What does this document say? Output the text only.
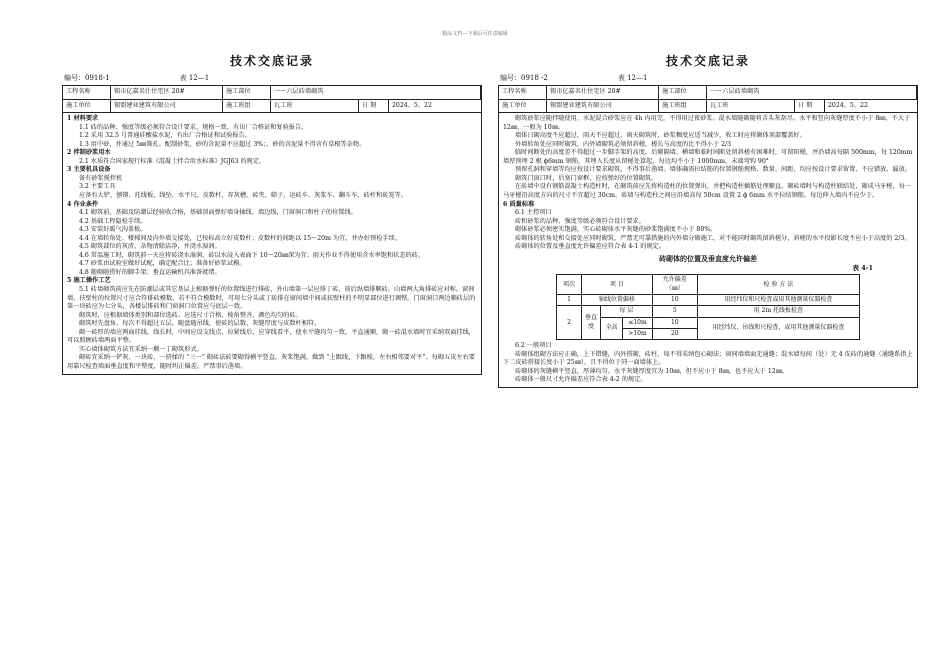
精品文档---下载后可任意编辑
技术交底记录
编号：0918-1	表 12—1
工程名称	锡市亿嘉名仕住宅区 20#	施工部位	一～六层砖墙砌筑
施工单位	锡盟建业建筑有限公司	施工班组	瓦工班	日 期	2024、5、22

1 材料要求

1.1 砖的品种、强度等级必须符合设计要求，规格一致，有出厂合格证和复验报告。

1.2 采用 32.5 号普通硅酸盐水泥，有出厂合格证和试验报告。

1.3 用中砂，并通过 5㎜筛孔。配制砂浆，砂的含泥量不应超过 3%；，砂的含泥量不得含有草根等杂物。

2 拌制砂浆用水

2.1 水质符合国家现行标准《混凝土拌合用水标准》JGJ63 的规定。

3 主要机具设备

备有砂浆搅拌机

3.2 主要工具

应备有大铲、刨锛、托线板、线坠、水平尺、皮数杆、存灰槽、砖夹、筛子、运砖车、灰浆车、翻斗车、砖杆和砖笼等。

4 作业条件

4.1 砌筑前，基础及防潮层经验收合格，基础顶面弹好墙身轴线、墙边线，门窗洞口和柱子的位置线。

4.2 基础工程隐检手续。

4.3 安装好暖气沟盖板。

4.4 在墙转角处、楼梯间及内外墙交接处，已按标高立好皮数杆；皮数杆的间距以 15～20m 为宜，并办好预检手续。

4.5 砌筑部位的灰渣、杂物清除洁净，并浇水湿润。

4.6 常温施工时，砌筑前一天应将砖浇水湿润，砖以水浸入表面下 10～20㎜深为宜；雨天作业不得使用含水率饱和状态的砖。

4.7 砂浆由试验室做好试配，确定配合比；准备好砂浆试模。

4.8 随砌随搭好的脚手架；垂直运输机具准备就绪。

5 施工操作工艺

5.1 砖墙砌筑前应先在防潮层或其它基层上根据弹好的位置线进行排砖，外山墙第一层应排丁砖，前后纵墙排顺砖。山墙两大角排砖应对称。窗间墙、扶壁柱的位置尺寸应合符排砖模数，若不符合模数时，可用七分头或丁砖排在窗间墙中间或扶壁柱的不明显部位进行调整。门窗洞口两边顺砖层的第一块砖应为七分头，各楼层排砖和门窗洞口位置应与底层一致。

砌筑时，应根据墙体类别和部位选砖。应选尺寸合格、棱角整齐、颜色均匀的砖。

砌筑时先盘角，每次不得超过五层，随盘随吊线，使砖的层数、灰缝厚度与皮数杆相符。

砌一砖厚的墙应两面挂线，线长时，中间应设支线点，拉紧线后，应穿线看平，使水平缝均匀一致，平直通顺，砌一砖混水墙时宜采纳双面挂线，可以照顾砖墙两面平整。

实心墙体砌筑方法宜采纳一顺一丁砌筑形式。

砌砖宜采纳一铲灰、一块砖、一挤揉的 “三一” 砌砖法砖要砌得横平竖直，灰浆饱满，做到 “上跟线，下跟棱，左右相邻要对平”。每砌五皮左右要用靠尺检查墙面垂直度和平整度，随时纠正偏差，严禁事后凿墙。

技术交底记录
编号：0918 -2	表 12—1
工程名称	锡市亿嘉名仕住宅区 20#	施工部位	一～六层砖墙砌筑
施工单位	锡盟建业建筑有限公司	施工班组	瓦工班	日 期	2024、5、22

砌筑砂浆应随拌随使用，水泥混合砂浆应在 4h 内用完，不得用过夜砂浆。混水墙随砌随将舌头灰刮尽。水平和竖向灰缝厚度不小于 8㎜，不大于 12㎜，一般为 10㎜。

墙体日砌高度不应超过，雨天不应超过，雨天砌筑时，砂浆稠度应适当减少，收工时应将砌体顶部覆盖好。

外墙转角处应同时砌筑，内外墙砌筑必须留斜槎，槎长与高度的比不得小于 2/3

临时间断处的高度差不得超过一步脚手架的高度，后砌隔墙、横墙和临时间断处留斜槎有困难时，可留阳槎，并沿墙高每隔 500mm，每 120mm 墙厚预埋 2 根 ϕ6mm 钢筋，其埋入长度从留槎处算起，每边均不小于 1000mm，末端弯钩 90°

预留孔洞和穿墙等均应按设计要求砌筑，不得事后凿墙。墙体确需拉结筋的位置钢筋规格、数量、间距、均应按设计要求留置，不应错放、漏放。

砌筑门窗口时，后塞门窗框，应按弹好的位置砌筑。

在砖墙中设有钢筋混凝土构造柱时，在砌筑前应先将构造柱的位置弹出，并把构造柱插筋处理顺直。砌砖墙时与构造柱联结处，砌成马牙槎，每一马牙槎沿高度方向的尺寸不宜超过 30cm，砖墙与构造柱之间应沿墙高每 50cm 设置 2 ϕ 6mm 水平拉结钢筋，每边伸入墙内不应少于。

6 质量标准

6.1 主控项目

砖和砂浆的品种、强度等级必须符合设计要求。

砌体砂浆必须密实饱满，实心砖砌体水平灰缝的砂浆饱满度不小于 80%。

砖砌体的转角处和交接处应同时砌筑，严禁无可靠措施的内外墙分砌施工，对不能同时砌筑留斜槎分，斜槎的水平投影长度不应小于高度的 2/3。

砖砌体的位置及垂直度允许偏差应符合表 4-1 的规定。

砖砌体的位置及垂直度允许偏差
表 4-1
项次	项 目			允许偏差（㎜）	检 验 方 法
1	轴线位置偏移			10	用经纬仪和尺检查或用其他测量仪器检查
2	垂直度	每 层		5	用 2m 托线板检查
		全高	≤10m	10	用经纬仪、吊线和尺检查，或用其他测量仪器检查
			>10m	20	

6.2 一般项目

砖砌体组砌方法应正确，上下错缝，内外搭砌，砖柱、垛不得采纳包心砌法；窗间墙墙面无通缝；混水墙每间（处）无 4 皮砖的通缝（通缝系指上下二皮砖搭接长度小于 25㎜），且不得位于同一面墙体上。

砖砌体的灰缝横平竖直，厚薄均匀。水平灰缝厚度宜为 10㎜，但不应小于 8㎜，也不应大于 12㎜。

砖砌体一般尺寸允许偏差应符合表 4-2 的规定。
